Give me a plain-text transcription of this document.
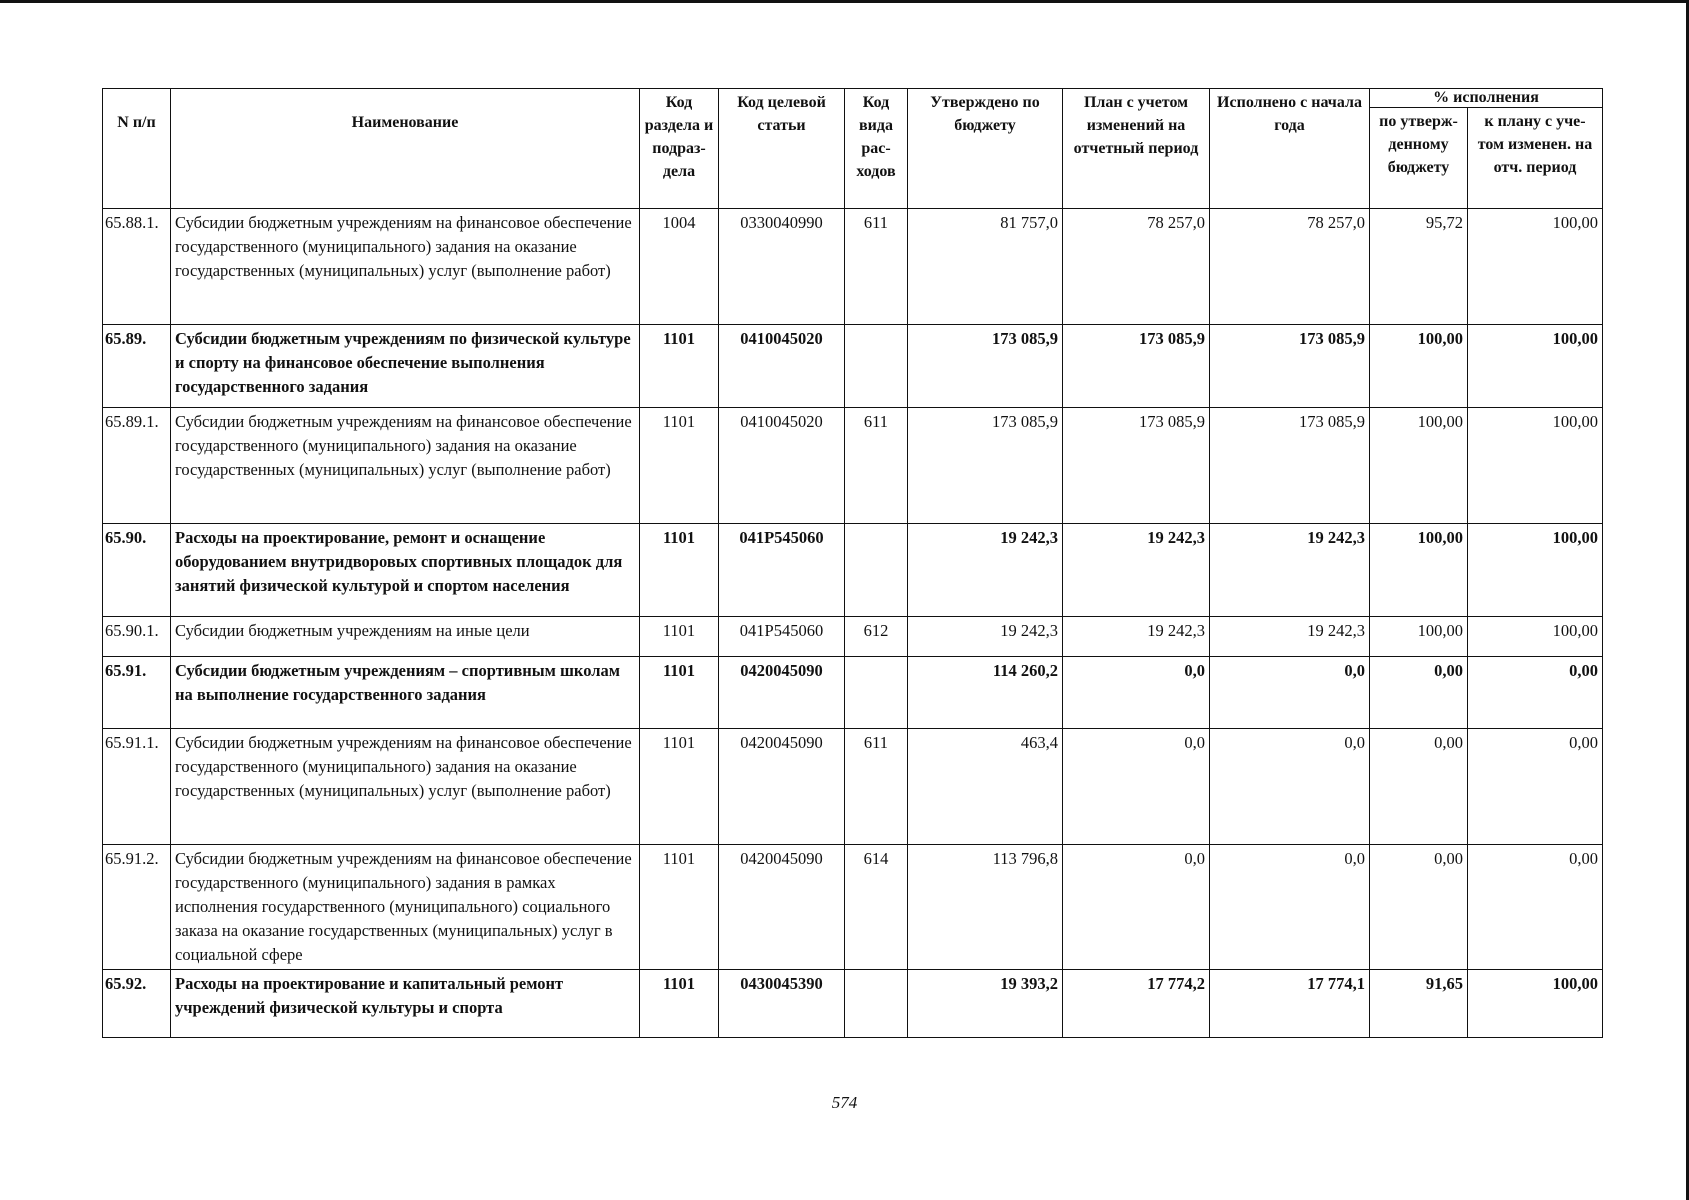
N п/п	Наименование	Код раздела и подраз-дела	Код целевой статьи	Код вида рас-ходов	Утверждено по бюджету	План с учетом изменений на отчетный период	Исполнено с начала года	% исполнения	
								по утверж-денному бюджету	к плану с уче-том изменен. на отч. период
65.88.1.	Субсидии бюджетным учреждениям на финансовое обеспечение государственного (муниципального) задания на оказание государственных (муниципальных) услуг (выполнение работ)	1004	0330040990	611	81 757,0	78 257,0	78 257,0	95,72	100,00
65.89.	Субсидии бюджетным учреждениям по физической культуре и спорту на финансовое обеспечение выполнения государственного задания	1101	0410045020		173 085,9	173 085,9	173 085,9	100,00	100,00
65.89.1.	Субсидии бюджетным учреждениям на финансовое обеспечение государственного (муниципального) задания на оказание государственных (муниципальных) услуг (выполнение работ)	1101	0410045020	611	173 085,9	173 085,9	173 085,9	100,00	100,00
65.90.	Расходы на проектирование, ремонт и оснащение оборудованием внутридворовых спортивных площадок для занятий физической культурой и спортом населения	1101	041P545060		19 242,3	19 242,3	19 242,3	100,00	100,00
65.90.1.	Субсидии бюджетным учреждениям на иные цели	1101	041P545060	612	19 242,3	19 242,3	19 242,3	100,00	100,00
65.91.	Субсидии бюджетным учреждениям – спортивным школам на выполнение государственного задания	1101	0420045090		114 260,2	0,0	0,0	0,00	0,00
65.91.1.	Субсидии бюджетным учреждениям на финансовое обеспечение государственного (муниципального) задания на оказание государственных (муниципальных) услуг (выполнение работ)	1101	0420045090	611	463,4	0,0	0,0	0,00	0,00
65.91.2.	Субсидии бюджетным учреждениям на финансовое обеспечение государственного (муниципального) задания в рамках исполнения государственного (муниципального) социального заказа на оказание государственных (муниципальных) услуг в социальной сфере	1101	0420045090	614	113 796,8	0,0	0,0	0,00	0,00
65.92.	Расходы на проектирование и капитальный ремонт учреждений физической культуры и спорта	1101	0430045390		19 393,2	17 774,2	17 774,1	91,65	100,00
574
